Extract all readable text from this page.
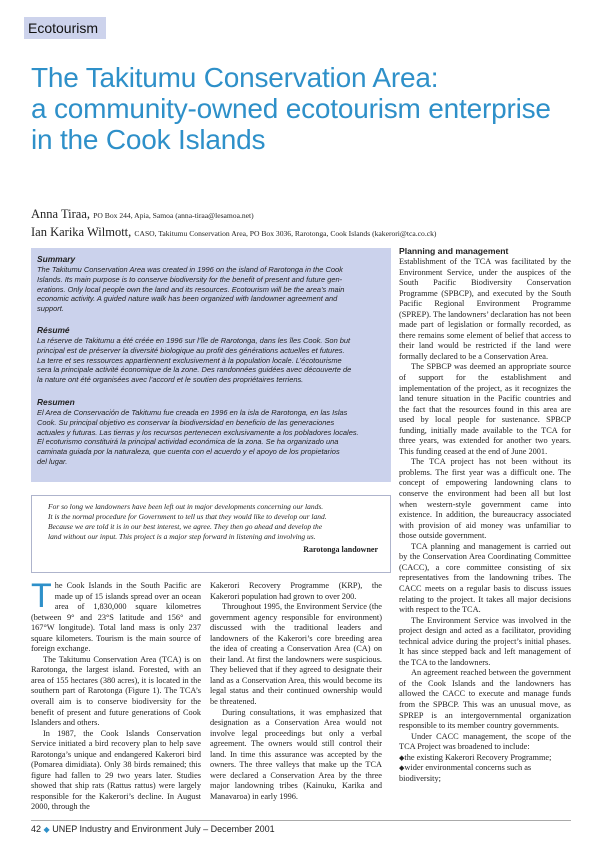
Ecotourism
The Takitumu Conservation Area:
a community-owned ecotourism enterprise
in the Cook Islands
Anna Tiraa, PO Box 244, Apia, Samoa (anna-tiraa@lesamoa.net)
Ian Karika Wilmott, CASO, Takitumu Conservation Area, PO Box 3036, Rarotonga, Cook Islands (kakerori@tca.co.ck)
Summary
The Takitumu Conservation Area was created in 1996 on the island of Rarotonga in the Cook
Islands. Its main purpose is to conserve biodiversity for the benefit of present and future gen-
erations. Only local people own the land and its resources. Ecotourism will be the area’s main
economic activity. A guided nature walk has been organized with landowner agreement and
support.
Résumé
La réserve de Takitumu a été créée en 1996 sur l’île de Rarotonga, dans les îles Cook. Son but
principal est de préserver la diversité biologique au profit des générations actuelles et futures.
La terre et ses ressources appartiennent exclusivement à la population locale. L’écotourisme
sera la principale activité économique de la zone. Des randonnées guidées avec découverte de
la nature ont été organisées avec l’accord et le soutien des propriétaires terriens.
Resumen
El Area de Conservación de Takitumu fue creada en 1996 en la isla de Rarotonga, en las Islas
Cook. Su principal objetivo es conservar la biodiversidad en beneficio de las generaciones
actuales y futuras. Las tierras y los recursos pertenecen exclusivamente a los pobladores locales.
El ecoturismo constituirá la principal actividad económica de la zona. Se ha organizado una
caminata guiada por la naturaleza, que cuenta con el acuerdo y el apoyo de los propietarios
del lugar.
For so long we landowners have been left out in major developments concerning our lands.
It is the normal procedure for Government to tell us that they would like to develop our land.
Because we are told it is in our best interest, we agree. They then go ahead and develop the
land without our input. This project is a major step forward in listening and involving us.
Rarotonga landowner

The Cook Islands in the South Pacific are made up of 15 islands spread over an ocean area of 1,830,000 square kilometres (between 9° and 23°S latitude and 156° and 167°W longitude). Total land mass is only 237 square kilometers. Tourism is the main source of foreign exchange.

The Takitumu Conservation Area (TCA) is on Rarotonga, the largest island. Forested, with an area of 155 hectares (380 acres), it is located in the southern part of Rarotonga (Figure 1). The TCA’s overall aim is to conserve biodiversity for the benefit of present and future generations of Cook Islanders and others.

In 1987, the Cook Islands Conservation Service initiated a bird recovery plan to help save Rarotonga’s unique and endangered Kakerori bird (Pomarea dimidiata). Only 38 birds remained; this figure had fallen to 29 two years later. Studies showed that ship rats (Rattus rattus) were largely responsible for the Kakerori’s decline. In August 2000, through the

Kakerori Recovery Programme (KRP), the Kakerori population had grown to over 200.

Throughout 1995, the Environment Service (the government agency responsible for environment) discussed with the traditional leaders and landowners of the Kakerori’s core breeding area the idea of creating a Conservation Area (CA) on their land. At first the landowners were suspicious. They believed that if they agreed to designate their land as a Conservation Area, this would become its legal status and their continued ownership would be threatened.

During consultations, it was emphasized that designation as a Conservation Area would not involve legal proceedings but only a verbal agreement. The owners would still control their land. In time this assurance was accepted by the owners. The three valleys that make up the TCA were declared a Conservation Area by the three major landowning tribes (Kainuku, Karika and Manavaroa) in early 1996.

Planning and management

Establishment of the TCA was facilitated by the Environment Service, under the auspices of the South Pacific Biodiversity Conservation Programme (SPBCP), and executed by the South Pacific Regional Environment Programme (SPREP). The landowners’ declaration has not been made part of legislation or formally recorded, as there remains some element of belief that access to their land would be restricted if the land were formally declared to be a Conservation Area.

The SPBCP was deemed an appropriate source of support for the establishment and implementation of the project, as it recognizes the land tenure situation in the Pacific countries and the fact that the resources found in this area are used by local people for sustenance. SPBCP funding, initially made available to the TCA for three years, was extended for another two years. This funding ceased at the end of June 2001.

The TCA project has not been without its problems. The first year was a difficult one. The concept of empowering landowning clans to conserve the environment had been all but lost when western-style government came into existence. In addition, the bureaucracy associated with provision of aid money was unfamiliar to those outside government.

TCA planning and management is carried out by the Conservation Area Coordinating Committee (CACC), a core committee consisting of six representatives from the landowning tribes. The CACC meets on a regular basis to discuss issues relating to the project. It takes all major decisions with respect to the TCA.

The Environment Service was involved in the project design and acted as a facilitator, providing technical advice during the project’s initial phases. It has since stepped back and left management of the TCA to the landowners.

An agreement reached between the government of the Cook Islands and the landowners has allowed the CACC to execute and manage funds from the SPBCP. This was an unusual move, as SPREP is an intergovernmental organization responsible to its member country governments.

Under CACC management, the scope of the TCA Project was broadened to include:

◆ the existing Kakerori Recovery Programme;
◆ wider environmental concerns such as biodiversity;
42 ◆ UNEP Industry and Environment July – December 2001
